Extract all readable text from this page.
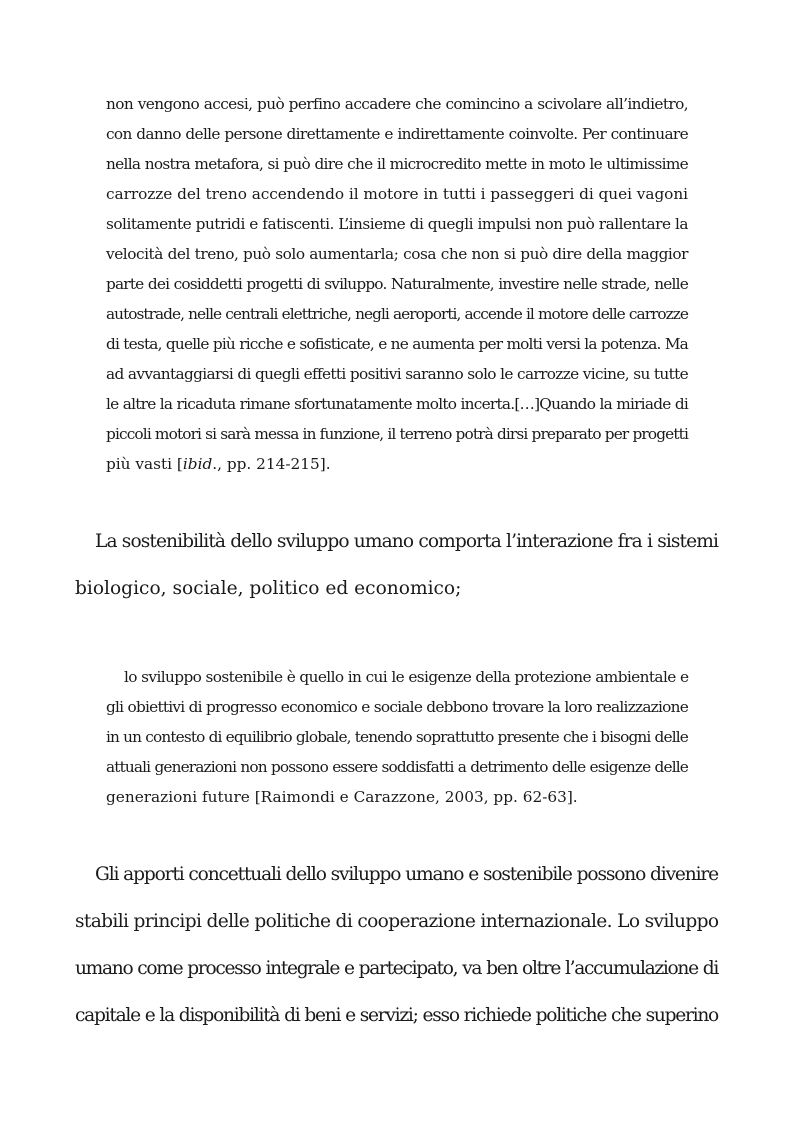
non vengono accesi, può perfino accadere che comincino a scivolare all’indietro,
con danno delle persone direttamente e indirettamente coinvolte. Per continuare
nella nostra metafora, si può dire che il microcredito mette in moto le ultimissime
carrozze del treno accendendo il motore in tutti i passeggeri di quei vagoni
solitamente putridi e fatiscenti. L’insieme di quegli impulsi non può rallentare la
velocità del treno, può solo aumentarla; cosa che non si può dire della maggior
parte dei cosiddetti progetti di sviluppo. Naturalmente, investire nelle strade, nelle
autostrade, nelle centrali elettriche, negli aeroporti, accende il motore delle carrozze
di testa, quelle più ricche e sofisticate, e ne aumenta per molti versi la potenza. Ma
ad avvantaggiarsi di quegli effetti positivi saranno solo le carrozze vicine, su tutte
le altre la ricaduta rimane sfortunatamente molto incerta.[…]Quando la miriade di
piccoli motori si sarà messa in funzione, il terreno potrà dirsi preparato per progetti
più vasti [ibid., pp. 214-215].
La sostenibilità dello sviluppo umano comporta l’interazione fra i sistemi
biologico, sociale, politico ed economico;
lo sviluppo sostenibile è quello in cui le esigenze della protezione ambientale e
gli obiettivi di progresso economico e sociale debbono trovare la loro realizzazione
in un contesto di equilibrio globale, tenendo soprattutto presente che i bisogni delle
attuali generazioni non possono essere soddisfatti a detrimento delle esigenze delle
generazioni future [Raimondi e Carazzone, 2003, pp. 62-63].
Gli apporti concettuali dello sviluppo umano e sostenibile possono divenire
stabili principi delle politiche di cooperazione internazionale. Lo sviluppo
umano come processo integrale e partecipato, va ben oltre l’accumulazione di
capitale e la disponibilità di beni e servizi; esso richiede politiche che superino
